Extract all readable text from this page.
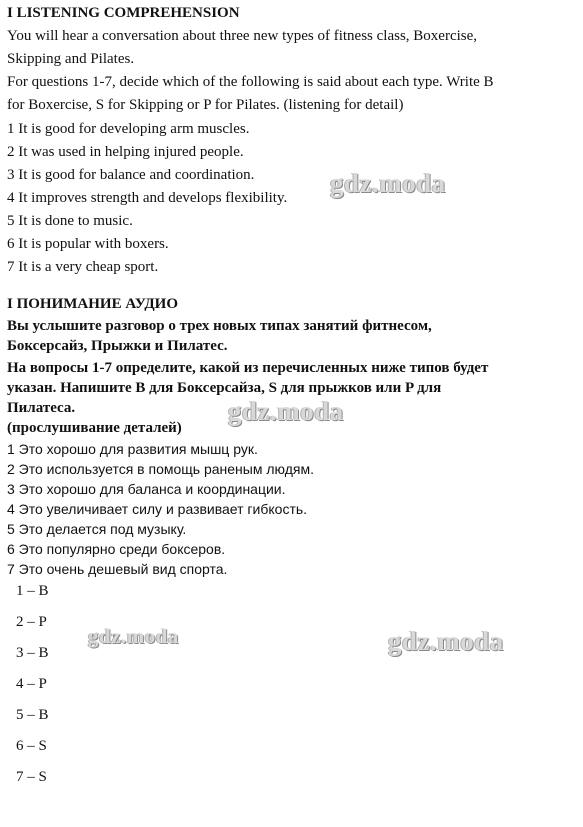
I LISTENING COMPREHENSION
You will hear a conversation about three new types of fitness class, Boxercise,
Skipping and Pilates.
For questions 1-7, decide which of the following is said about each type. Write B
for Boxercise, S for Skipping or P for Pilates. (listening for detail)
1 It is good for developing arm muscles.
2 It was used in helping injured people.
3 It is good for balance and coordination.
4 It improves strength and develops flexibility.
5 It is done to music.
6 It is popular with boxers.
7 It is a very cheap sport.
I ПОНИМАНИЕ АУДИО
Вы услышите разговор о трех новых типах занятий фитнесом,
Боксерсайз, Прыжки и Пилатес.
На вопросы 1-7 определите, какой из перечисленных ниже типов будет
указан. Напишите B для Боксерсайза, S для прыжков или P для
Пилатеса.
(прослушивание деталей)
1 Это хорошо для развития мышц рук.
2 Это используется в помощь раненым людям.
3 Это хорошо для баланса и координации.
4 Это увеличивает силу и развивает гибкость.
5 Это делается под музыку.
6 Это популярно среди боксеров.
7 Это очень дешевый вид спорта.
1 – B
2 – P
3 – B
4 – P
5 – B
6 – S
7 – S
gdz.moda
gdz.moda
gdz.moda	gdz.moda
